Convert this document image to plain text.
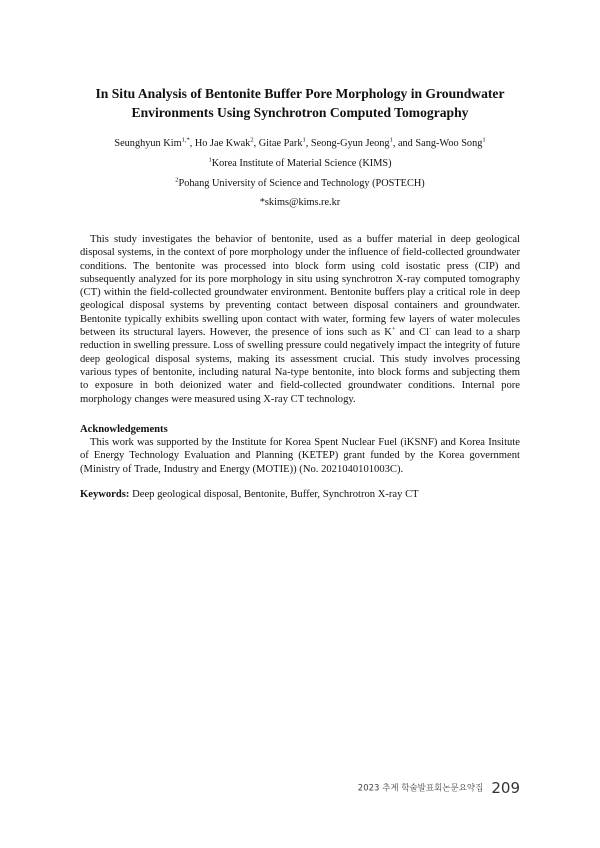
In Situ Analysis of Bentonite Buffer Pore Morphology in Groundwater
Environments Using Synchrotron Computed Tomography
Seunghyun Kim$^{1,*}$, Ho Jae Kwak$^2$, Gitae Park$^1$, Seong-Gyun Jeong$^1$, and Sang-Woo Song$^1$
$^1$Korea Institute of Material Science (KIMS)
$^2$Pohang University of Science and Technology (POSTECH)
*skims@kims.re.kr

This study investigates the behavior of bentonite, used as a buffer material in deep geological disposal systems, in the context of pore morphology under the influence of field-collected groundwater conditions. The bentonite was processed into block form using cold isostatic press (CIP) and subsequently analyzed for its pore morphology in situ using synchrotron X-ray computed tomography (CT) within the field-collected groundwater environment. Bentonite buffers play a critical role in deep geological disposal systems by preventing contact between disposal containers and groundwater. Bentonite typically exhibits swelling upon contact with water, forming few layers of water molecules between its structural layers. However, the presence of ions such as K+ and Cl- can lead to a sharp reduction in swelling pressure. Loss of swelling pressure could negatively impact the integrity of future deep geological disposal systems, making its assessment crucial. This study involves processing various types of bentonite, including natural Na-type bentonite, into block forms and subjecting them to exposure in both deionized water and field-collected groundwater conditions. Internal pore morphology changes were measured using X-ray CT technology.

Acknowledgements

This work was supported by the Institute for Korea Spent Nuclear Fuel (iKSNF) and Korea Insitute of Energy Technology Evaluation and Planning (KETEP) grant funded by the Korea government (Ministry of Trade, Industry and Energy (MOTIE)) (No. 2021040101003C).

Keywords: Deep geological disposal, Bentonite, Buffer, Synchrotron X-ray CT
2023 추계 학술발표회논문요약집 209
